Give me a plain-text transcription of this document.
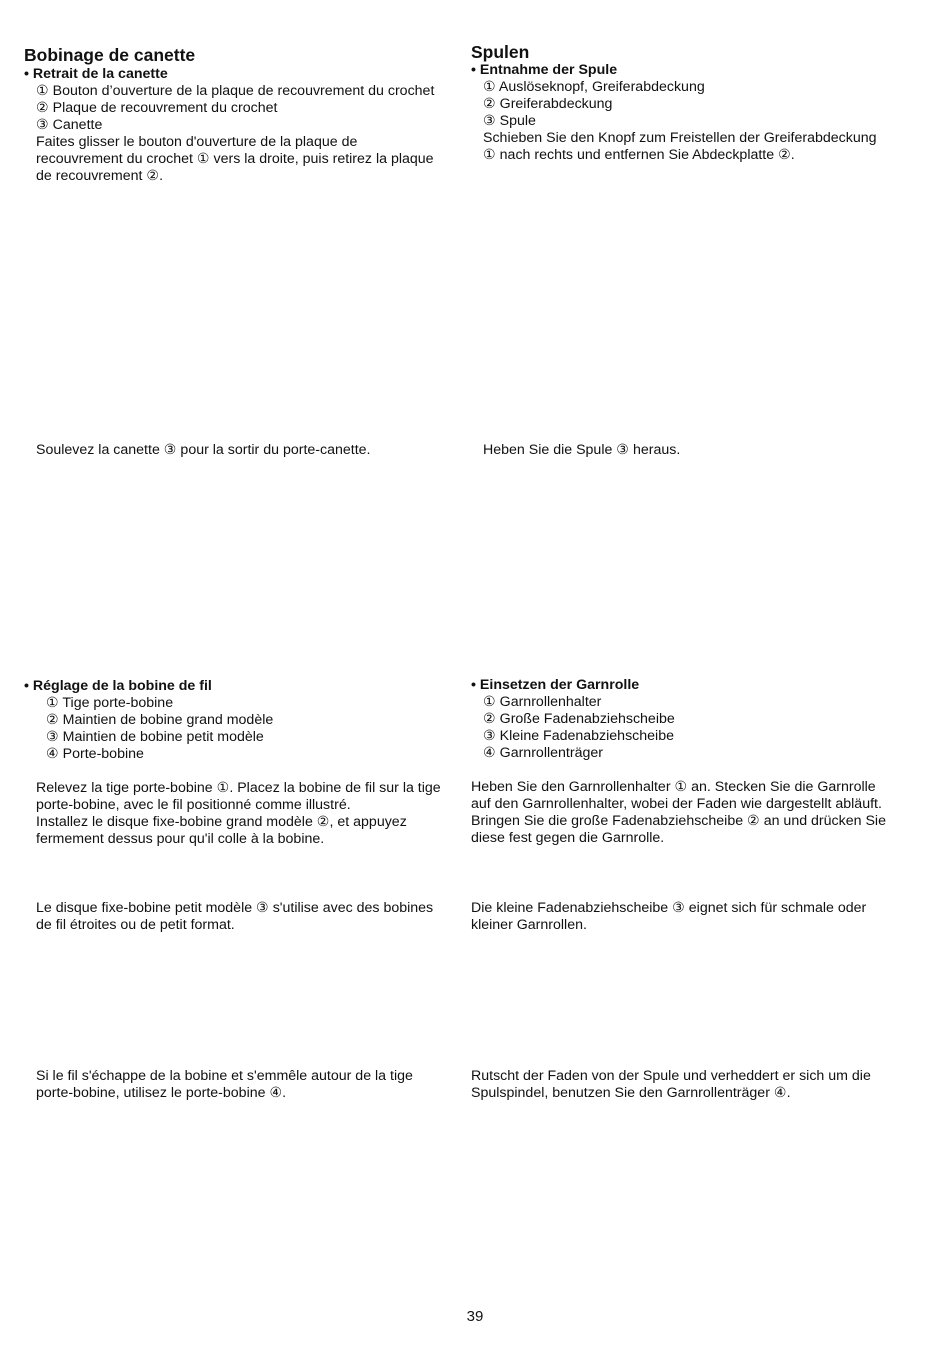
Bobinage de canette
• Retrait de la canette
① Bouton d’ouverture de la plaque de recouvrement du crochet
② Plaque de recouvrement du crochet
③ Canette
Faites glisser le bouton d'ouverture de la plaque de
recouvrement du crochet ① vers la droite, puis retirez la plaque
de recouvrement ②.
Soulevez la canette ③ pour la sortir du porte-canette.
• Réglage de la bobine de fil
① Tige porte-bobine
② Maintien de bobine grand modèle
③ Maintien de bobine petit modèle
④ Porte-bobine
Relevez la tige porte-bobine ①. Placez la bobine de fil sur la tige
porte-bobine, avec le fil positionné comme illustré.
Installez le disque fixe-bobine grand modèle ②, et appuyez
fermement dessus pour qu'il colle à la bobine.
Le disque fixe-bobine petit modèle ③ s'utilise avec des bobines
de fil étroites ou de petit format.
Si le fil s'échappe de la bobine et s'emmêle autour de la tige
porte-bobine, utilisez le porte-bobine ④.
Spulen
• Entnahme der Spule
① Auslöseknopf, Greiferabdeckung
② Greiferabdeckung
③ Spule
Schieben Sie den Knopf zum Freistellen der Greiferabdeckung
① nach rechts und entfernen Sie Abdeckplatte ②.
Heben Sie die Spule ③ heraus.
• Einsetzen der Garnrolle
① Garnrollenhalter
② Große Fadenabziehscheibe
③ Kleine Fadenabziehscheibe
④ Garnrollenträger
Heben Sie den Garnrollenhalter ① an. Stecken Sie die Garnrolle
auf den Garnrollenhalter, wobei der Faden wie dargestellt abläuft.
Bringen Sie die große Fadenabziehscheibe ② an und drücken Sie
diese fest gegen die Garnrolle.
Die kleine Fadenabziehscheibe ③ eignet sich für schmale oder
kleiner Garnrollen.
Rutscht der Faden von der Spule und verheddert er sich um die
Spulspindel, benutzen Sie den Garnrollenträger ④.
39
